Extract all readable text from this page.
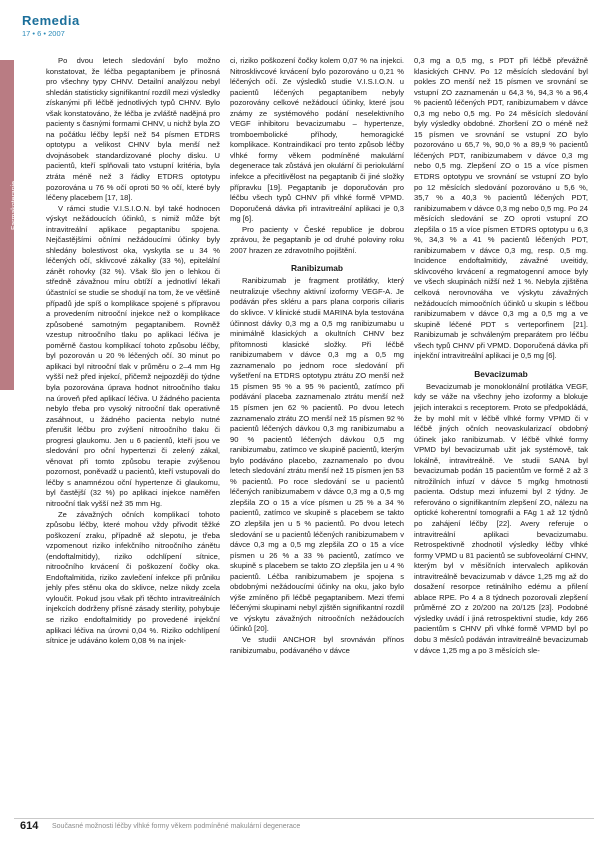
Remedia
17 • 6 • 2007
Farmakoterapie

Po dvou letech sledování bylo možno konstatovat, že léčba pegaptanibem je přínosná pro všechny typy CHNV. Detailní analýzou nebyl shledán statisticky signifikantní rozdíl mezi výsledky získanými při léčbě jednotlivých typů CHNV. Bylo však konstatováno, že léčba je zvláště nadějná pro pacienty s časnými formami CHNV, u nichž byla ZO na počátku léčby lepší než 54 písmen ETDRS optotypu a velikost CHNV byla menší než dvojnásobek standardizované plochy disku. U pacientů, kteří splňovali tato vstupní kritéria, byla ztráta méně než 3 řádky ETDRS optotypu pozorována u 76 % očí oproti 50 % očí, které byly léčeny placebem [17, 18].

V rámci studie V.I.S.I.O.N. byl také hodnocen výskyt nežádoucích účinků, s nimiž může být intravitreální aplikace pegaptanibu spojena. Nejčastějšími očními nežádoucími účinky byly shledány bolestivost oka, vyskytla se u 34 % léčených očí, sklivcové zákalky (33 %), epitelální zánět rohovky (32 %). Však šlo jen o lehkou či středně závažnou míru obtíží a jednotliví lékaři účastnící se studie se shodují na tom, že ve většině případů jde spíš o komplikace spojené s přípravou a provedením nitrooční injekce než o komplikace způsobené samotným pegaptanibem. Rovněž vzestup nitroočního tlaku po aplikaci léčiva je poměrně častou komplikací tohoto způsobu léčby, byl pozorován u 20 % léčených očí. 30 minut po aplikaci byl nitrooční tlak v průměru o 2–4 mm Hg vyšší než před injekcí, přičemž nejpozději do týdne byla pozorována úprava hodnot nitroočního tlaku na úroveň před aplikací léčiva. U žádného pacienta nebylo třeba pro vysoký nitrooční tlak operativně zasáhnout, u žádného pacienta nebylo nutné přerušit léčbu pro zvýšení nitroočního tlaku či progresi glaukomu. Jen u 6 pacientů, kteří jsou ve sledování pro oční hypertenzi či zelený zákal, věnovat při tomto způsobu terapie zvýšenou pozornost, poněvadž u pacientů, kteří vstupovali do léčby s anamnézou oční hypertenze či glaukomu, byl častější (32 %) po aplikaci injekce naměřen nitrooční tlak vyšší než 35 mm Hg.

Ze závažných očních komplikací tohoto způsobu léčby, které mohou vždy přivodit těžké poškození zraku, případně až slepotu, je třeba vzpomenout riziko infekčního nitroočního zánětu (endoftalmitidy), riziko odchlípení sítnice, nitroočního krvácení či poškození čočky oka. Endoftalmitida, riziko zavlečení infekce při průniku jehly přes stěnu oka do sklivce, nelze nikdy zcela vyloučit. Pokud jsou však při těchto intravitreálních injekcích dodrženy přísné zásady sterility, pohybuje se riziko endoftalmitidy po provedené injekční aplikaci léčiva na úrovni 0,04 %. Riziko odchlípení sítnice je udáváno kolem 0,08 % na injek-

ci, riziko poškození čočky kolem 0,07 % na injekci. Nitrosklivcové krvácení bylo pozorováno u 0,21 % léčených očí. Ze výsledků studie V.I.S.I.O.N. u pacientů léčených pegaptanibem nebyly pozorovány celkové nežádoucí účinky, které jsou známy ze systémového podání neselektivního VEGF inhibitoru bevacizumabu – hypertenze, tromboembolické příhody, hemoragické komplikace. Kontraindikací pro tento způsob léčby vlhké formy věkem podmíněné makulární degenerace tak zůstává jen okulární či periokulární infekce a přecitlivělost na pegaptanib či jiné složky přípravku [19]. Pegaptanib je doporučován pro léčbu všech typů CHNV při vlhké formě VPMD. Doporučená dávka při intravitreální aplikaci je 0,3 mg [6].

Pro pacienty v České republice je dobrou zprávou, že pegaptanib je od druhé poloviny roku 2007 hrazen ze zdravotního pojištění.

Ranibizumab

Ranibizumab je fragment protilátky, který neutralizuje všechny aktivní izoformy VEGF-A. Je podáván přes skléru a pars plana corporis ciliaris do sklivce. V klinické studii MARINA byla testována účinnost dávky 0,3 mg a 0,5 mg ranibizumabu u minimálně klasických a okultních CHNV bez přítomnosti klasické složky. Při léčbě ranibizumabem v dávce 0,3 mg a 0,5 mg zaznamenalo po jednom roce sledování při vyšetření na ETDRS optotypu ztrátu ZO menší než 15 písmen 95 % a 95 % pacientů, zatímco při podávání placeba zaznamenalo ztrátu menší než 15 písmen jen 62 % pacientů. Po dvou letech zaznamenalo ztrátu ZO menší než 15 písmen 92 % pacientů léčených dávkou 0,3 mg ranibizumabu a 90 % pacientů léčených dávkou 0,5 mg ranibizumabu, zatímco ve skupině pacientů, kterým bylo podáváno placebo, zaznamenalo po dvou letech sledování ztrátu menší než 15 písmen jen 53 % pacientů. Po roce sledování se u pacientů léčených ranibizumabem v dávce 0,3 mg a 0,5 mg zlepšila ZO o 15 a více písmen u 25 % a 34 % pacientů, zatímco ve skupině s placebem se takto ZO zlepšila jen u 5 % pacientů. Po dvou letech sledování se u pacientů léčených ranibizumabem v dávce 0,3 mg a 0,5 mg zlepšila ZO o 15 a více písmen u 26 % a 33 % pacientů, zatímco ve skupině s placebem se takto ZO zlepšila jen u 4 % pacientů. Léčba ranibizumabem je spojena s obdobnými nežádoucími účinky na oku, jako bylo výše zmíněno při léčbě pegaptanibem. Mezi třemi léčenými skupinami nebyl zjištěn signifikantní rozdíl ve výskytu závažných nitroočních nežádoucích účinků [20].

Ve studii ANCHOR byl srovnáván přínos ranibizumabu, podávaného v dávce

0,3 mg a 0,5 mg, s PDT při léčbě převážně klasických CHNV. Po 12 měsících sledování byl pokles ZO menší než 15 písmen ve srovnání se vstupní ZO zaznamenán u 64,3 %, 94,3 % a 96,4 % pacientů léčených PDT, ranibizumabem v dávce 0,3 mg nebo 0,5 mg. Po 24 měsících sledování byly výsledky obdobné. Zhoršení ZO o méně než 15 písmen ve srovnání se vstupní ZO bylo pozorováno u 65,7 %, 90,0 % a 89,9 % pacientů léčených PDT, ranibizumabem v dávce 0,3 mg nebo 0,5 mg. Zlepšení ZO o 15 a více písmen ETDRS optotypu ve srovnání se vstupní ZO bylo po 12 měsících sledování pozorováno u 5,6 %, 35,7 % a 40,3 % pacientů léčených PDT, ranibizumabem v dávce 0,3 mg nebo 0,5 mg. Po 24 měsících sledování se ZO oproti vstupní ZO zlepšila o 15 a více písmen ETDRS optotypu u 6,3 %, 34,3 % a 41 % pacientů léčených PDT, ranibizumabem v dávce 0,3 mg, resp. 0,5 mg. Incidence endoftalmitidy, závažné uveitidy, sklivcového krvácení a regmatogenní amoce byly ve všech skupinách nižší než 1 %. Nebyla zjištěna celková nerovnováha ve výskytu závažných nežádoucích mimoočních účinků u skupin s léčbou ranibizumabem v dávce 0,3 mg a 0,5 mg a ve skupině léčené PDT s verteporfinem [21]. Ranibizumab je schváleným preparátem pro léčbu všech typů CHNV při VPMD. Doporučená dávka při injekční intravitreální aplikaci je 0,5 mg [6].

Bevacizumab

Bevacizumab je monoklonální protilátka VEGF, kdy se váže na všechny jeho izoformy a blokuje jejich interakci s receptorem. Proto se předpokládá, že by mohl mít v léčbě vlhké formy VPMD či v léčbě jiných očních neovaskularizací obdobný účinek jako ranibizumab. V léčbě vlhké formy VPMD byl bevacizumab užit jak systémově, tak lokálně, intravitreálně. Ve studii SANA byl bevacizumab podán 15 pacientům ve formě 2 až 3 nitrožilních infuzí v dávce 5 mg/kg hmotnosti pacienta. Odstup mezi infuzemi byl 2 týdny. Je referováno o signifikantním zlepšení ZO, nálezu na optické koherentní tomografii a FAg 1 až 12 týdnů po zahájení léčby [22]. Avery referuje o intravitreální aplikaci bevacizumabu. Retrospektivně zhodnotil výsledky léčby vlhké formy VPMD u 81 pacientů se subfoveolární CHNV, kterým byl v měsíčních intervalech aplikován intravitreálně bevacizumab v dávce 1,25 mg až do dosažení resorpce retinálního edému a přilení ablace RPE. Po 4 a 8 týdnech pozorovali zlepšení průměrné ZO z 20/200 na 20/125 [23]. Podobné výsledky uvádí i jiná retrospektivní studie, kdy 266 pacientům s CHNV při vlhké formě VPMD byl po dobu 3 měsíců podáván intravitreálně bevacizumab v dávce 1,25 mg a po 3 měsících sle-

614 Současné možnosti léčby vlhké formy věkem podmíněné makulární degenerace
